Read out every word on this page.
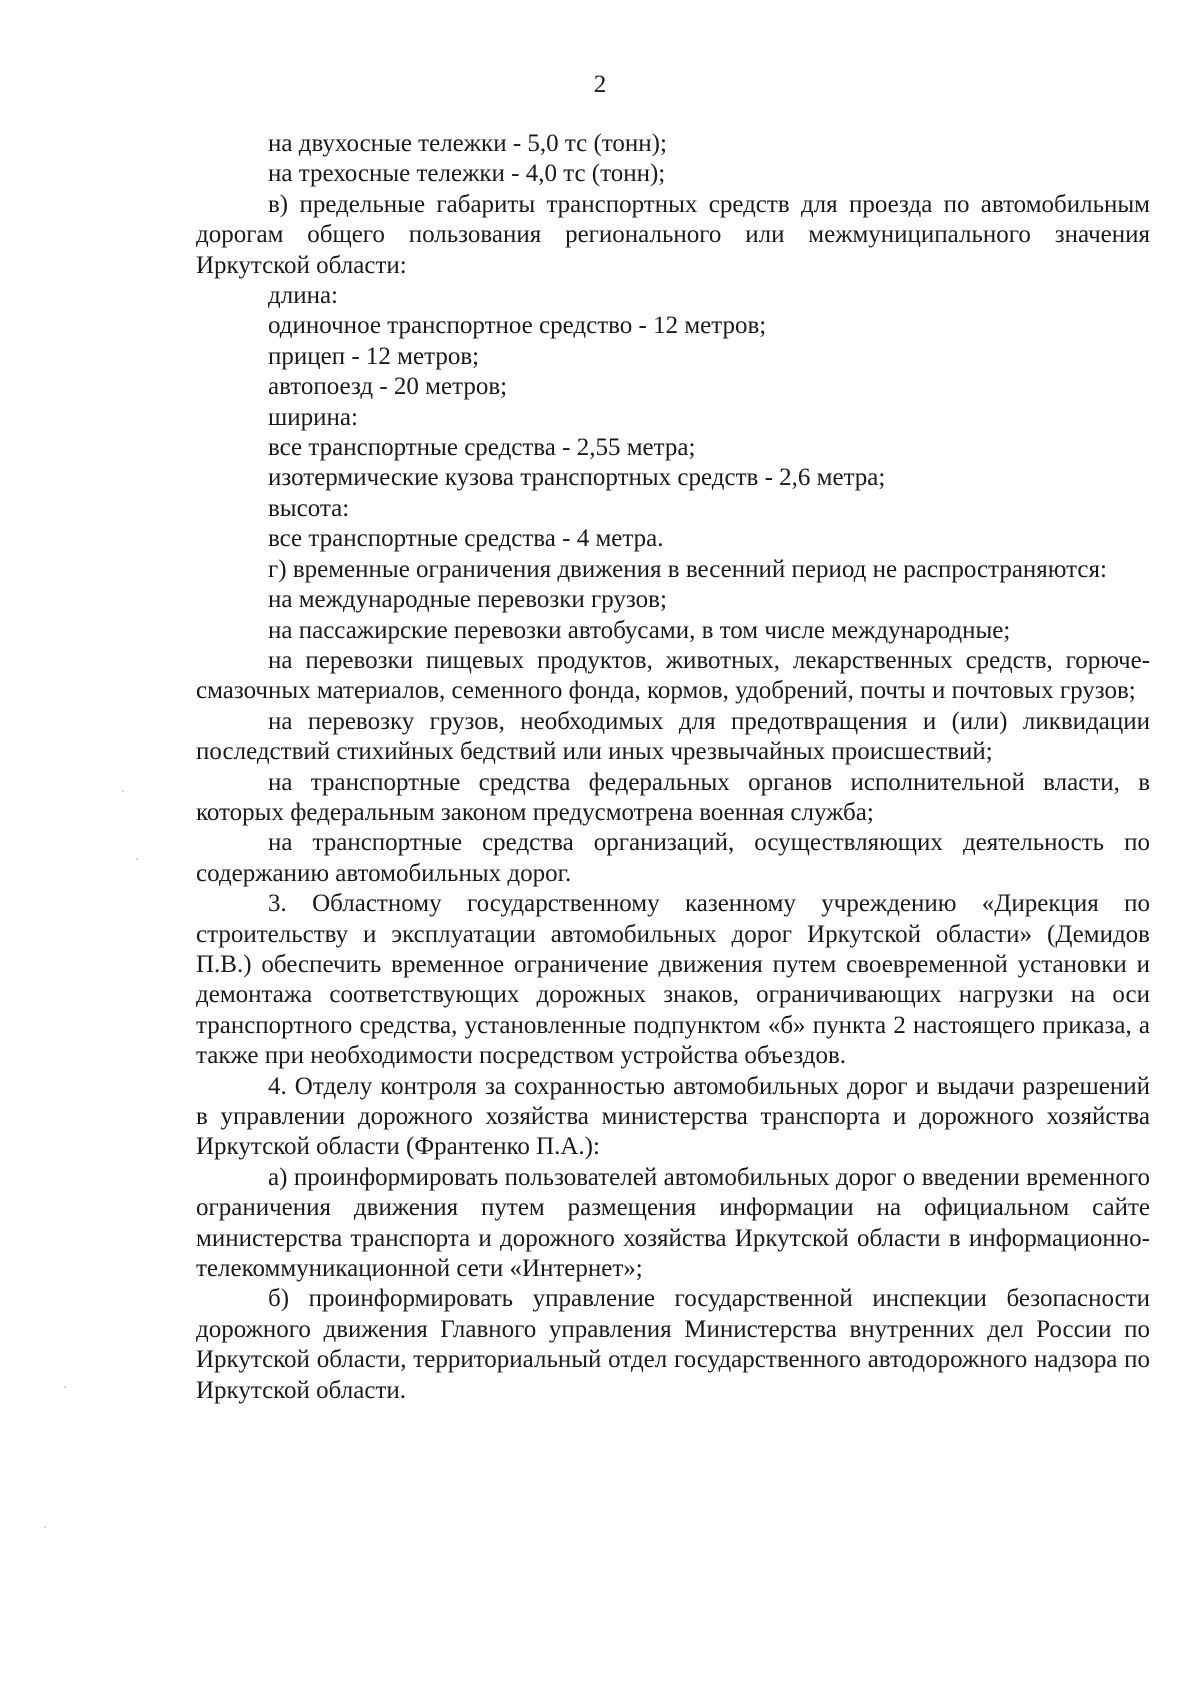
2

на двухосные тележки - 5,0 тс (тонн);

на трехосные тележки - 4,0 тс (тонн);

в) предельные габариты транспортных средств для проезда по автомобильным дорогам общего пользования регионального или межмуниципального значения Иркутской области:

длина:

одиночное транспортное средство - 12 метров;

прицеп - 12 метров;

автопоезд - 20 метров;

ширина:

все транспортные средства - 2,55 метра;

изотермические кузова транспортных средств - 2,6 метра;

высота:

все транспортные средства - 4 метра.

г) временные ограничения движения в весенний период не распространяются:

на международные перевозки грузов;

на пассажирские перевозки автобусами, в том числе международные;

на перевозки пищевых продуктов, животных, лекарственных средств, горюче-смазочных материалов, семенного фонда, кормов, удобрений, почты и почтовых грузов;

на перевозку грузов, необходимых для предотвращения и (или) ликвидации последствий стихийных бедствий или иных чрезвычайных происшествий;

на транспортные средства федеральных органов исполнительной власти, в которых федеральным законом предусмотрена военная служба;

на транспортные средства организаций, осуществляющих деятельность по содержанию автомобильных дорог.

3. Областному государственному казенному учреждению «Дирекция по строительству и эксплуатации автомобильных дорог Иркутской области» (Демидов П.В.) обеспечить временное ограничение движения путем своевременной установки и демонтажа соответствующих дорожных знаков, ограничивающих нагрузки на оси транспортного средства, установленные подпунктом «б» пункта 2 настоящего приказа, а также при необходимости посредством устройства объездов.

4. Отделу контроля за сохранностью автомобильных дорог и выдачи разрешений в управлении дорожного хозяйства министерства транспорта и дорожного хозяйства Иркутской области (Франтенко П.А.):

а) проинформировать пользователей автомобильных дорог о введении временного ограничения движения путем размещения информации на официальном сайте министерства транспорта и дорожного хозяйства Иркутской области в информационно-телекоммуникационной сети «Интернет»;

б) проинформировать управление государственной инспекции безопасности дорожного движения Главного управления Министерства внутренних дел России по Иркутской области, территориальный отдел государственного автодорожного надзора по Иркутской области.
